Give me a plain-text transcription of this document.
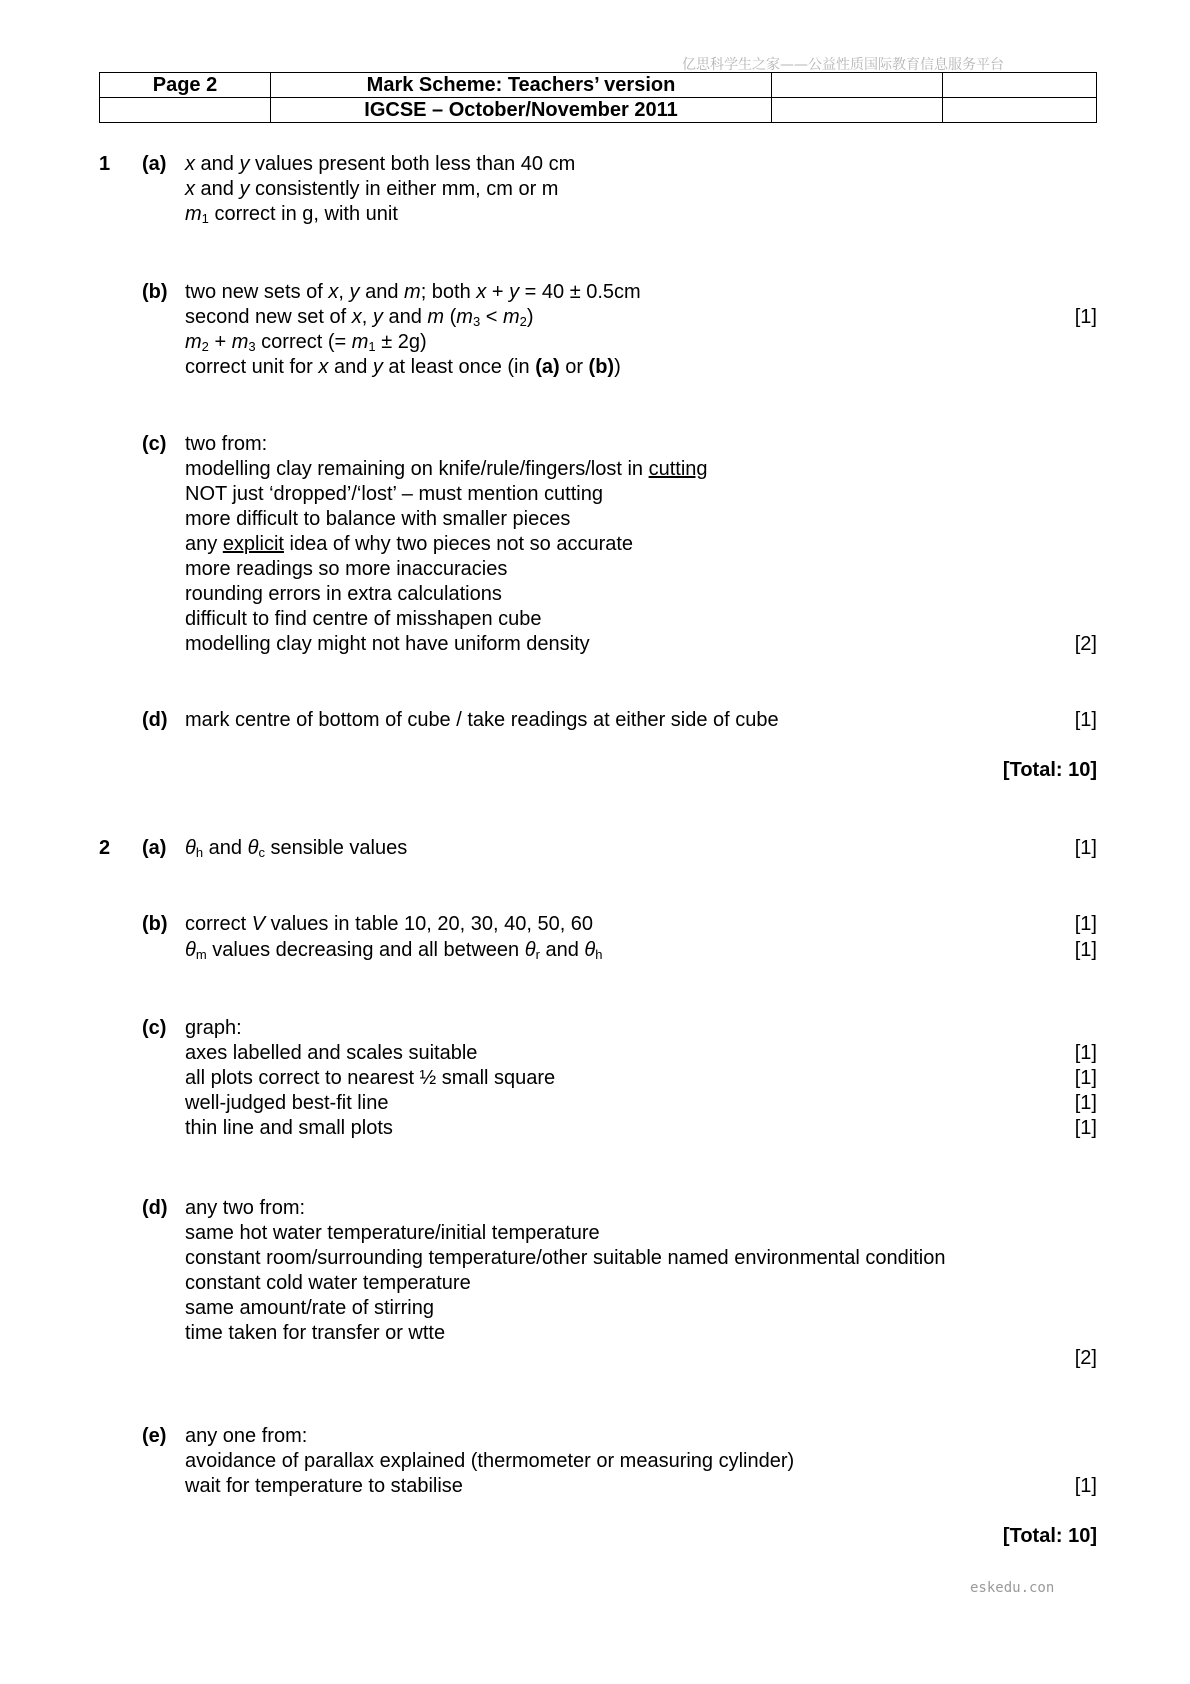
亿思科学生之家——公益性质国际教育信息服务平台
Page 2	Mark Scheme: Teachers’ version		
	IGCSE – October/November 2011		
1 (a) x and y values present both less than 40 cm
x and y consistently in either mm, cm or m
$m_1$ correct in g, with unit
(b) two new sets of x, y and m; both x + y = 40 ± 0.5cm
second new set of x, y and m $(m_3 < m_2)$	[1]
$m_2 + m_3$ correct (= $m_1 \pm 2g$)
correct unit for x and y at least once (in (a) or (b))
(c) two from:
modelling clay remaining on knife/rule/fingers/lost in cutting
NOT just ‘dropped’/‘lost’ – must mention cutting
more difficult to balance with smaller pieces
any explicit idea of why two pieces not so accurate
more readings so more inaccuracies
rounding errors in extra calculations
difficult to find centre of misshapen cube
modelling clay might not have uniform density	[2]
(d) mark centre of bottom of cube / take readings at either side of cube	[1]
[Total: 10]
2 (a) $\theta_h$ and $\theta_c$ sensible values	[1]
(b) correct V values in table 10, 20, 30, 40, 50, 60	[1]
$\theta_m$ values decreasing and all between $\theta_r$ and $\theta_h$	[1]
(c) graph:
axes labelled and scales suitable	[1]
all plots correct to nearest ½ small square	[1]
well-judged best-fit line	[1]
thin line and small plots	[1]
(d) any two from:
same hot water temperature/initial temperature
constant room/surrounding temperature/other suitable named environmental condition
constant cold water temperature
same amount/rate of stirring
time taken for transfer or wtte
[2]
(e) any one from:
avoidance of parallax explained (thermometer or measuring cylinder)
wait for temperature to stabilise	[1]
[Total: 10]
eskedu.con
